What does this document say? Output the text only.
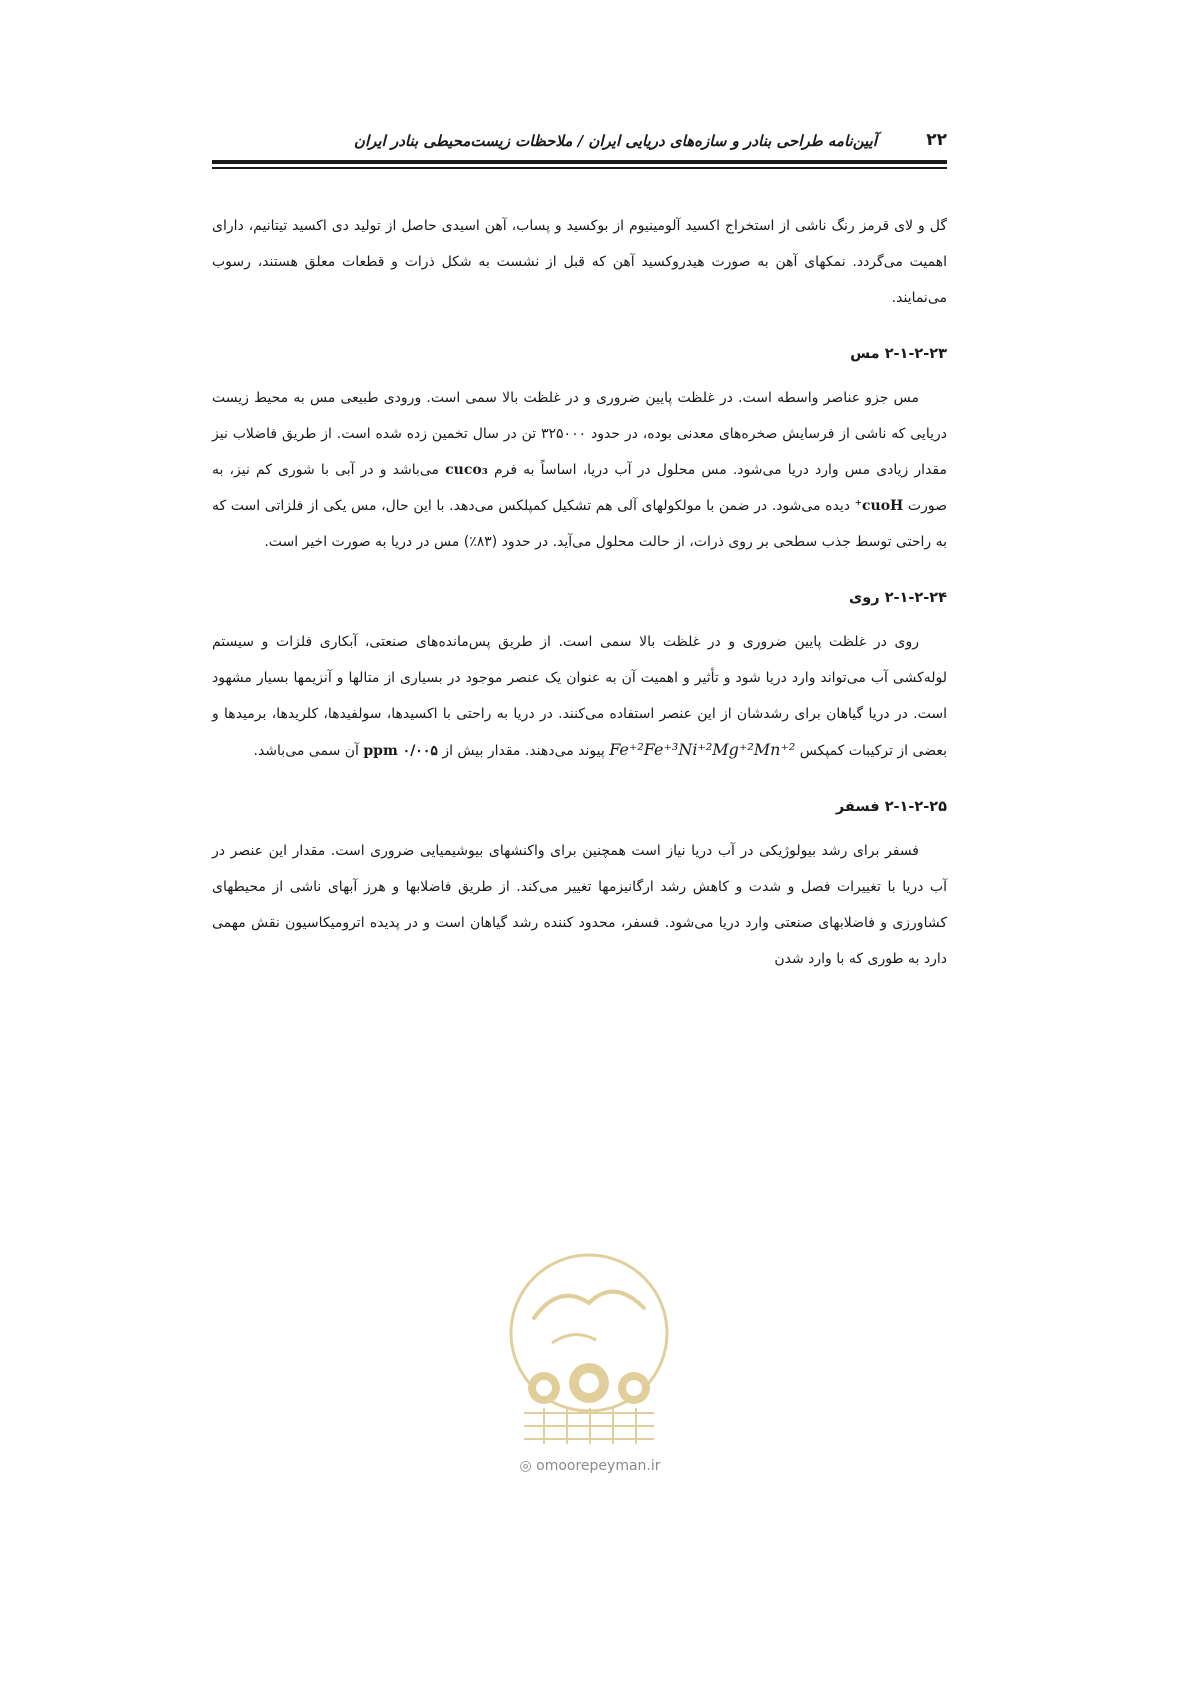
آیین‌نامه طراحی بنادر و سازه‌های دریایی ایران / ملاحظات زیست‌محیطی بنادر ایران	۲۲

گل و لای قرمز رنگ ناشی از استخراج اکسید آلومینیوم از بوکسید و پساب، آهن اسیدی حاصل از تولید دی اکسید تیتانیم، دارای اهمیت می‌گردد. نمکهای آهن به صورت هیدروکسید آهن که قبل از نشست به شکل ذرات و قطعات معلق هستند، رسوب می‌نمایند.

۲-۱-۲-۲۳ مس

مس جزو عناصر واسطه است. در غلظت پایین ضروری و در غلظت بالا سمی است. ورودی طبیعی مس به محیط زیست دریایی که ناشی از فرسایش صخره‌های معدنی بوده، در حدود ۳۲۵۰۰۰ تن در سال تخمین زده شده است. از طریق فاضلاب نیز مقدار زیادی مس وارد دریا می‌شود. مس محلول در آب دریا، اساساً به فرم cuco₃ می‌باشد و در آبی با شوری کم نیز، به صورت cuoH⁺ دیده می‌شود. در ضمن با مولکولهای آلی هم تشکیل کمپلکس می‌دهد. با این حال، مس یکی از فلزاتی است که به راحتی توسط جذب سطحی بر روی ذرات، از حالت محلول می‌آید. در حدود (۸۳٪) مس در دریا به صورت اخیر است.

۲-۱-۲-۲۴ روی

روی در غلظت پایین ضروری و در غلظت بالا سمی است. از طریق پس‌مانده‌های صنعتی، آبکاری فلزات و سیستم لوله‌کشی آب می‌تواند وارد دریا شود و تأثیر و اهمیت آن به عنوان یک عنصر موجود در بسیاری از متالها و آنزیمها بسیار مشهود است. در دریا گیاهان برای رشدشان از این عنصر استفاده می‌کنند. در دریا به راحتی با اکسیدها، سولفیدها، کلریدها، برمیدها و بعضی از ترکیبات کمپکس Fe⁺²Fe⁺³Ni⁺²Mg⁺²Mn⁺² پیوند می‌دهند. مقدار بیش از ۰/۰۰۵ ppm آن سمی می‌باشد.

۲-۱-۲-۲۵ فسفر

فسفر برای رشد بیولوژیکی در آب دریا نیاز است همچنین برای واکنشهای بیوشیمیایی ضروری است. مقدار این عنصر در آب دریا با تغییرات فصل و شدت و کاهش رشد ارگانیزمها تغییر می‌کند. از طریق فاضلابها و هرز آبهای ناشی از محیطهای کشاورزی و فاضلابهای صنعتی وارد دریا می‌شود. فسفر، محدود کننده رشد گیاهان است و در پدیده اتروميکاسیون نقش مهمی دارد به طوری که با وارد شدن

◎ omoorepeyman.ir
